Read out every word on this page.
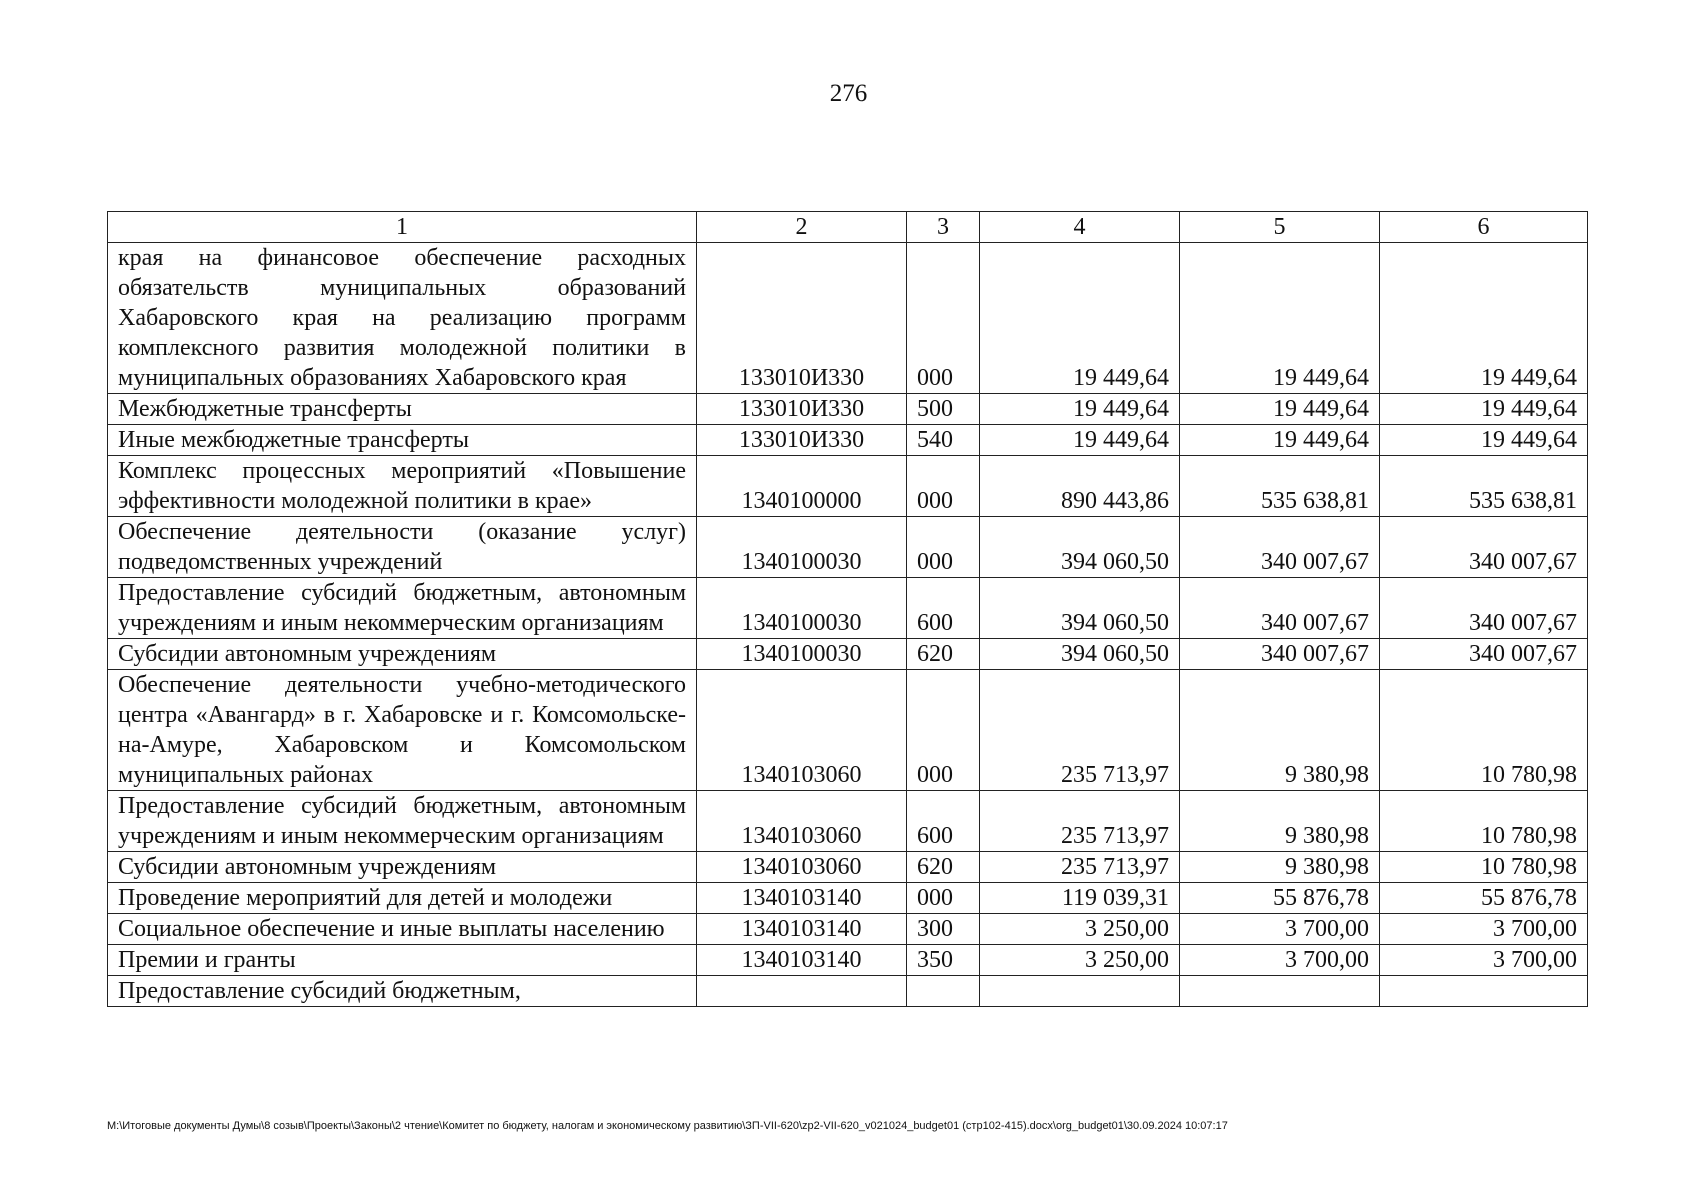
276
1	2	3	4	5	6
края на финансовое обеспечение расходных обязательств муниципальных образований Хабаровского края на реализацию программ комплексного развития молодежной политики в муниципальных образованиях Хабаровского края	133010И330	000	19 449,64	19 449,64	19 449,64
Межбюджетные трансферты	133010И330	500	19 449,64	19 449,64	19 449,64
Иные межбюджетные трансферты	133010И330	540	19 449,64	19 449,64	19 449,64
Комплекс процессных мероприятий «Повышение эффективности молодежной политики в крае»	1340100000	000	890 443,86	535 638,81	535 638,81
Обеспечение деятельности (оказание услуг) подведомственных учреждений	1340100030	000	394 060,50	340 007,67	340 007,67
Предоставление субсидий бюджетным, автономным учреждениям и иным некоммерческим организациям	1340100030	600	394 060,50	340 007,67	340 007,67
Субсидии автономным учреждениям	1340100030	620	394 060,50	340 007,67	340 007,67
Обеспечение деятельности учебно-методического центра «Авангард» в г. Хабаровске и г. Комсомольске-на-Амуре, Хабаровском и Комсомольском муниципальных районах	1340103060	000	235 713,97	9 380,98	10 780,98
Предоставление субсидий бюджетным, автономным учреждениям и иным некоммерческим организациям	1340103060	600	235 713,97	9 380,98	10 780,98
Субсидии автономным учреждениям	1340103060	620	235 713,97	9 380,98	10 780,98
Проведение мероприятий для детей и молодежи	1340103140	000	119 039,31	55 876,78	55 876,78
Социальное обеспечение и иные выплаты населению	1340103140	300	3 250,00	3 700,00	3 700,00
Премии и гранты	1340103140	350	3 250,00	3 700,00	3 700,00
Предоставление субсидий бюджетным,					
M:\Итоговые документы Думы\8 созыв\Проекты\Законы\2 чтение\Комитет по бюджету, налогам и экономическому развитию\ЗП-VII-620\zp2-VII-620_v021024_budget01 (стр102-415).docx\org_budget01\30.09.2024 10:07:17
